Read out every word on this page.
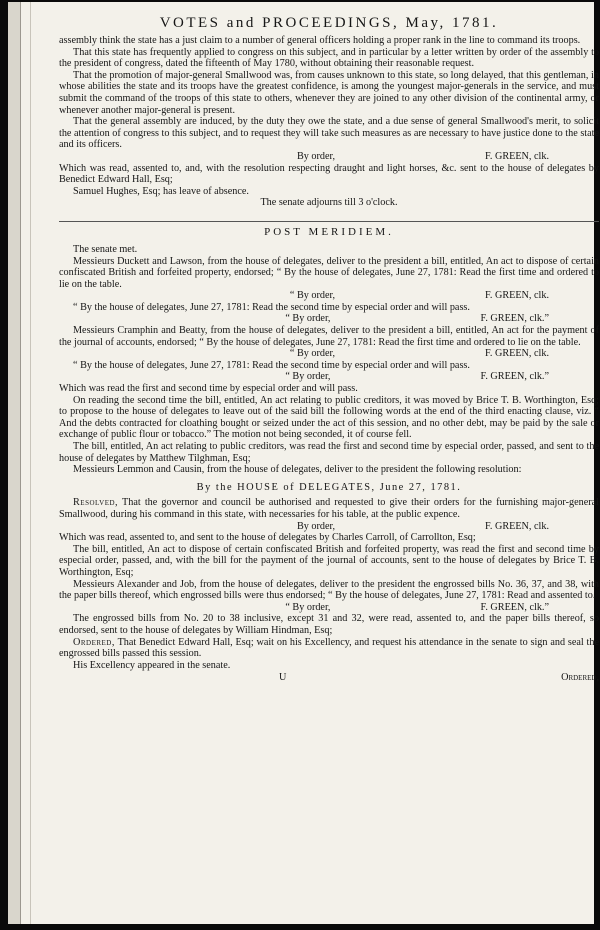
VOTES and PROCEEDINGS, May, 1781.

assembly think the state has a just claim to a number of general officers holding a proper rank in the line to command its troops.

That this state has frequently applied to congress on this subject, and in particular by a letter written by order of the assembly to the president of congress, dated the fifteenth of May 1780, without obtaining their reasonable request.

That the promotion of major-general Smallwood was, from causes unknown to this state, so long delayed, that this gentleman, in whose abilities the state and its troops have the greatest confidence, is among the youngest major-generals in the service, and must submit the command of the troops of this state to others, whenever they are joined to any other division of the continental army, or whenever another major-general is present.

That the general assembly are induced, by the duty they owe the state, and a due sense of general Smallwood's merit, to solicit the attention of congress to this subject, and to request they will take such measures as are necessary to have justice done to the state and its officers.

By order,	F. GREEN, clk.

Which was read, assented to, and, with the resolution respecting draught and light horses, &c. sent to the house of delegates by Benedict Edward Hall, Esq;

Samuel Hughes, Esq; has leave of absence.

The senate adjourns till 3 o'clock.

POST MERIDIEM.

The senate met.

Messieurs Duckett and Lawson, from the house of delegates, deliver to the president a bill, entitled, An act to dispose of certain confiscated British and forfeited property, endorsed; “ By the house of delegates, June 27, 1781: Read the first time and ordered to lie on the table.

“ By order,	F. GREEN, clk.

“ By the house of delegates, June 27, 1781: Read the second time by especial order and will pass.

“ By order,	F. GREEN, clk.”

Messieurs Cramphin and Beatty, from the house of delegates, deliver to the president a bill, entitled, An act for the payment of the journal of accounts, endorsed; “ By the house of delegates, June 27, 1781: Read the first time and ordered to lie on the table.

“ By order,	F. GREEN, clk.

“ By the house of delegates, June 27, 1781: Read the second time by especial order and will pass.

“ By order,	F. GREEN, clk.”

Which was read the first and second time by especial order and will pass.

On reading the second time the bill, entitled, An act relating to public creditors, it was moved by Brice T. B. Worthington, Esq; to propose to the house of delegates to leave out of the said bill the following words at the end of the third enacting clause, viz. “ And the debts contracted for cloathing bought or seized under the act of this session, and no other debt, may be paid by the sale or exchange of public flour or tobacco.” The motion not being seconded, it of course fell.

The bill, entitled, An act relating to public creditors, was read the first and second time by especial order, passed, and sent to the house of delegates by Matthew Tilghman, Esq;

Messieurs Lemmon and Causin, from the house of delegates, deliver to the president the following resolution:

By the HOUSE of DELEGATES, June 27, 1781.

Resolved, That the governor and council be authorised and requested to give their orders for the furnishing major-general Smallwood, during his command in this state, with necessaries for his table, at the public expence.

By order,	F. GREEN, clk.

Which was read, assented to, and sent to the house of delegates by Charles Carroll, of Carrollton, Esq;

The bill, entitled, An act to dispose of certain confiscated British and forfeited property, was read the first and second time by especial order, passed, and, with the bill for the payment of the journal of accounts, sent to the house of delegates by Brice T. B. Worthington, Esq;

Messieurs Alexander and Job, from the house of delegates, deliver to the president the engrossed bills No. 36, 37, and 38, with the paper bills thereof, which engrossed bills were thus endorsed; “ By the house of delegates, June 27, 1781: Read and assented to.

“ By order,	F. GREEN, clk.”

The engrossed bills from No. 20 to 38 inclusive, except 31 and 32, were read, assented to, and the paper bills thereof, so endorsed, sent to the house of delegates by William Hindman, Esq;

Ordered, That Benedict Edward Hall, Esq; wait on his Excellency, and request his attendance in the senate to sign and seal the engrossed bills passed this session.

His Excellency appeared in the senate.

U	Ordered,
